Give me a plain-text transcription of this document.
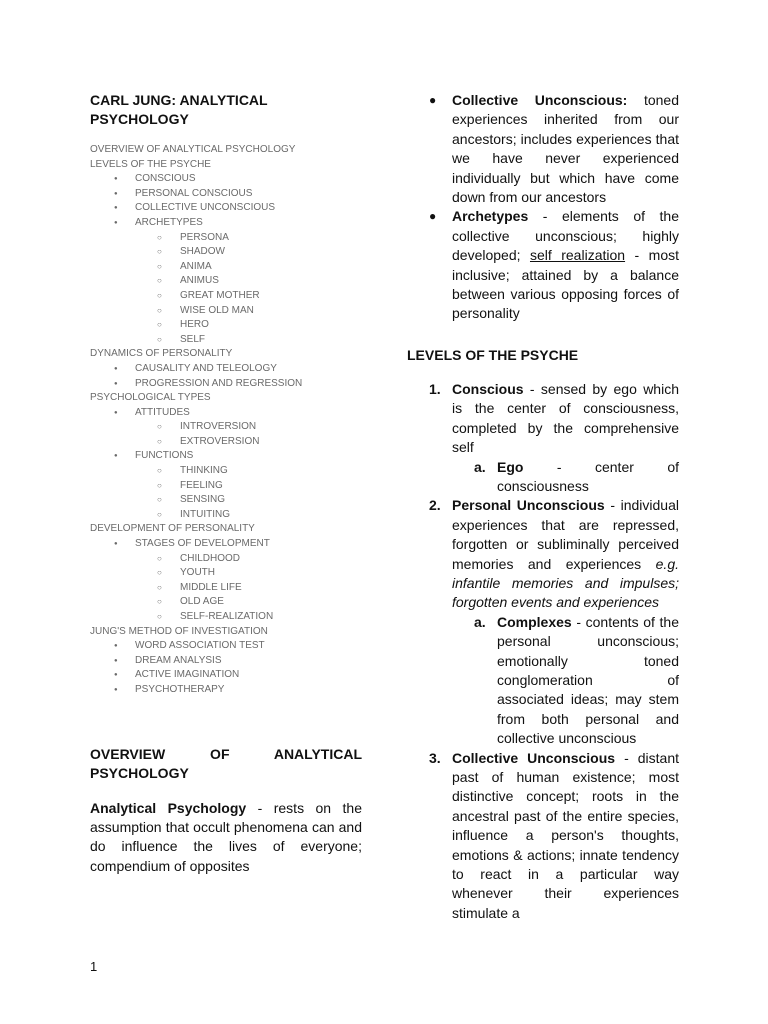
CARL JUNG: ANALYTICAL PSYCHOLOGY
OVERVIEW OF ANALYTICAL PSYCHOLOGY
LEVELS OF THE PSYCHE
● CONSCIOUS
● PERSONAL CONSCIOUS
● COLLECTIVE UNCONSCIOUS
● ARCHETYPES
○ PERSONA
○ SHADOW
○ ANIMA
○ ANIMUS
○ GREAT MOTHER
○ WISE OLD MAN
○ HERO
○ SELF
DYNAMICS OF PERSONALITY
● CAUSALITY AND TELEOLOGY
● PROGRESSION AND REGRESSION
PSYCHOLOGICAL TYPES
● ATTITUDES
○ INTROVERSION
○ EXTROVERSION
● FUNCTIONS
○ THINKING
○ FEELING
○ SENSING
○ INTUITING
DEVELOPMENT OF PERSONALITY
● STAGES OF DEVELOPMENT
○ CHILDHOOD
○ YOUTH
○ MIDDLE LIFE
○ OLD AGE
○ SELF-REALIZATION
JUNG'S METHOD OF INVESTIGATION
● WORD ASSOCIATION TEST
● DREAM ANALYSIS
● ACTIVE IMAGINATION
● PSYCHOTHERAPY
OVERVIEW OF ANALYTICAL PSYCHOLOGY
Analytical Psychology - rests on the assumption that occult phenomena can and do influence the lives of everyone; compendium of opposites
● Collective Unconscious: toned experiences inherited from our ancestors; includes experiences that we have never experienced individually but which have come down from our ancestors
● Archetypes - elements of the collective unconscious; highly developed; self realization - most inclusive; attained by a balance between various opposing forces of personality
LEVELS OF THE PSYCHE
1. Conscious - sensed by ego which is the center of consciousness, completed by the comprehensive self
a. Ego - center of consciousness
2. Personal Unconscious - individual experiences that are repressed, forgotten or subliminally perceived memories and experiences e.g. infantile memories and impulses; forgotten events and experiences
a. Complexes - contents of the personal unconscious; emotionally toned conglomeration of associated ideas; may stem from both personal and collective unconscious
3. Collective Unconscious - distant past of human existence; most distinctive concept; roots in the ancestral past of the entire species, influence a person's thoughts, emotions & actions; innate tendency to react in a particular way whenever their experiences stimulate a
1
